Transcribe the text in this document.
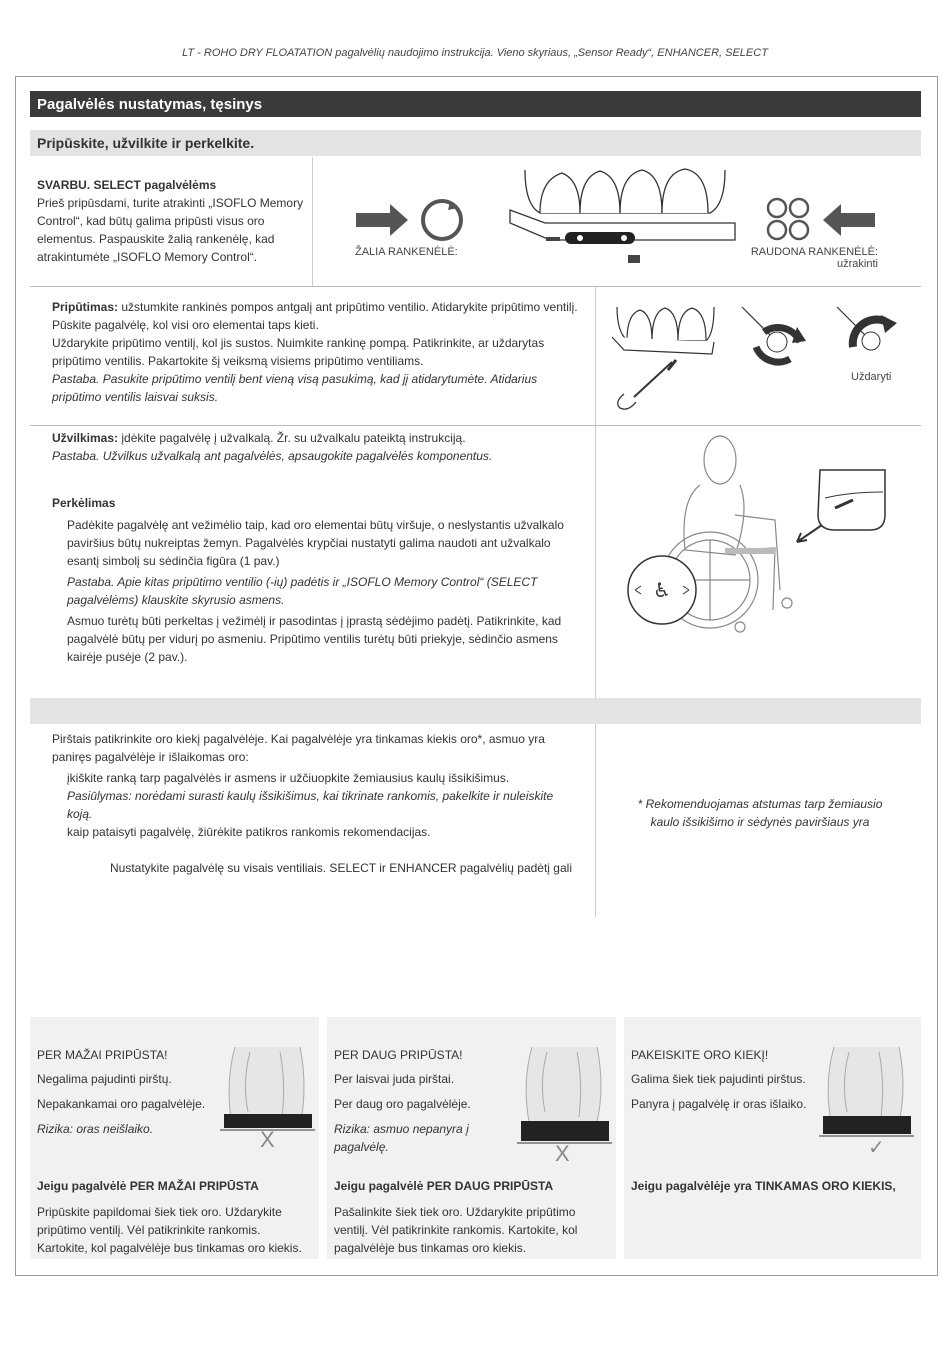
LT - ROHO DRY FLOATATION pagalvėlių naudojimo instrukcija. Vieno skyriaus, „Sensor Ready“, ENHANCER, SELECT
Pagalvėlės nustatymas, tęsinys
Pripūskite, užvilkite ir perkelkite.

SVARBU. SELECT pagalvėlėms

Prieš pripūsdami, turite atrakinti „ISOFLO Memory Control“, kad būtų galima pripūsti visus oro elementus. Paspauskite žalią rankenėlę, kad atrakintumėte „ISOFLO Memory Control“.	ŽALIA RANKENĖLĖ:	RAUDONA RANKENĖLĖ:
užrakinti

Pripūtimas: užstumkite rankinės pompos antgalį ant pripūtimo ventilio. Atidarykite pripūtimo ventilį. Pūskite pagalvėlę, kol visi oro elementai taps kieti.

Uždarykite pripūtimo ventilį, kol jis sustos. Nuimkite rankinę pompą. Patikrinkite, ar uždarytas pripūtimo ventilis. Pakartokite šį veiksmą visiems pripūtimo ventiliams.

Pastaba. Pasukite pripūtimo ventilį bent vieną visą pasukimą, kad jį atidarytumėte. Atidarius pripūtimo ventilis laisvai suksis.

Uždaryti

Užvilkimas: įdėkite pagalvėlę į užvalkalą. Žr. su užvalkalu pateiktą instrukciją.

Pastaba. Užvilkus užvalkalą ant pagalvėlės, apsaugokite pagalvėlės komponentus.

Perkėlimas

Padėkite pagalvėlę ant vežimėlio taip, kad oro elementai būtų viršuje, o neslystantis užvalkalo paviršius būtų nukreiptas žemyn. Pagalvėlės krypčiai nustatyti galima naudoti ant užvalkalo esantį simbolį su sėdinčia figūra (1 pav.)

Pastaba. Apie kitas pripūtimo ventilio (-ių) padėtis ir „ISOFLO Memory Control“ (SELECT pagalvėlėms) klauskite skyrusio asmens.

Asmuo turėtų būti perkeltas į vežimėlį ir pasodintas į įprastą sėdėjimo padėtį. Patikrinkite, kad pagalvėlė būtų per vidurį po asmeniu. Pripūtimo ventilis turėtų būti priekyje, sėdinčio asmens kairėje pusėje (2 pav.).

♿

Pirštais patikrinkite oro kiekį pagalvėlėje. Kai pagalvėlėje yra tinkamas kiekis oro*, asmuo yra paniręs pagalvėlėje ir išlaikomas oro:

įkiškite ranką tarp pagalvėlės ir asmens ir užčiuopkite žemiausius kaulų išsikišimus.

Pasiūlymas: norėdami surasti kaulų išsikišimus, kai tikrinate rankomis, pakelkite ir nuleiskite koją.

kaip pataisyti pagalvėlę, žiūrėkite patikros rankomis rekomendacijas.

Nustatykite pagalvėlę su visais ventiliais. SELECT ir ENHANCER pagalvėlių padėtį gali

* Rekomenduojamas atstumas tarp žemiausio

kaulo išsikišimo ir sėdynės paviršiaus yra

PER MAŽAI PRIPŪSTA!
Negalima pajudinti pirštų.
Nepakankamai oro pagalvėlėje.
Rizika: oras neišlaiko.	X
Jeigu pagalvėlė PER MAŽAI PRIPŪSTA
Pripūskite papildomai šiek tiek oro. Uždarykite pripūtimo ventilį. Vėl patikrinkite rankomis. Kartokite, kol pagalvėlėje bus tinkamas oro kiekis.
PER DAUG PRIPŪSTA!
Per laisvai juda pirštai.
Per daug oro pagalvėlėje.
Rizika: asmuo nepanyra į pagalvėlę.	X
Jeigu pagalvėlė PER DAUG PRIPŪSTA
Pašalinkite šiek tiek oro. Uždarykite pripūtimo ventilį. Vėl patikrinkite rankomis. Kartokite, kol pagalvėlėje bus tinkamas oro kiekis.
PAKEISKITE ORO KIEKĮ!
Galima šiek tiek pajudinti pirštus.
Panyra į pagalvėlę ir oras išlaiko.
✓
Jeigu pagalvėlėje yra TINKAMAS ORO KIEKIS,
